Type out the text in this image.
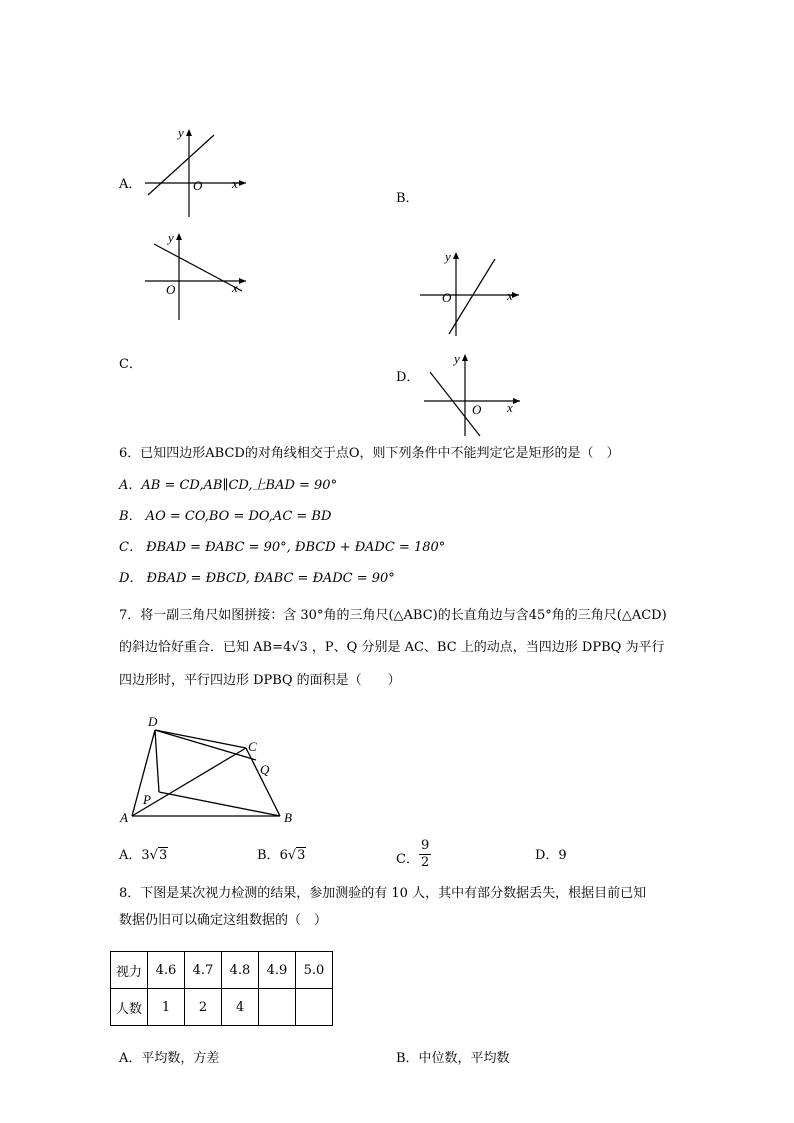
A．
y
x
O
B．
y
x
O
y
x
O
C．
D．
y
x
O
6．已知四边形ABCD的对角线相交于点O，则下列条件中不能判定它是矩形的是（　）
A．AB = CD,AB∥CD,上BAD = 90°
B． AO = CO,BO = DO,AC = BD
C． ÐBAD = ÐABC = 90°, ÐBCD + ÐADC = 180°
D． ÐBAD = ÐBCD, ÐABC = ÐADC = 90°
7．将一副三角尺如图拼接：含 30°角的三角尺(△ABC)的长直角边与含45°角的三角尺(△ACD)
的斜边恰好重合．已知 AB=4√3 ，P、Q 分别是 AC、BC 上的动点，当四边形 DPBQ 为平行
四边形时，平行四边形 DPBQ 的面积是（　　）
D
C
Q
P
A	B
A．3√3	B．6√3	C． $\frac{9}{2}$	D．9
8．下图是某次视力检测的结果，参加测验的有 10 人，其中有部分数据丢失，根据目前已知
数据仍旧可以确定这组数据的（　）
视力	4.6	4.7	4.8	4.9	5.0
人数	1	2	4		
A．平均数，方差	B．中位数，平均数
